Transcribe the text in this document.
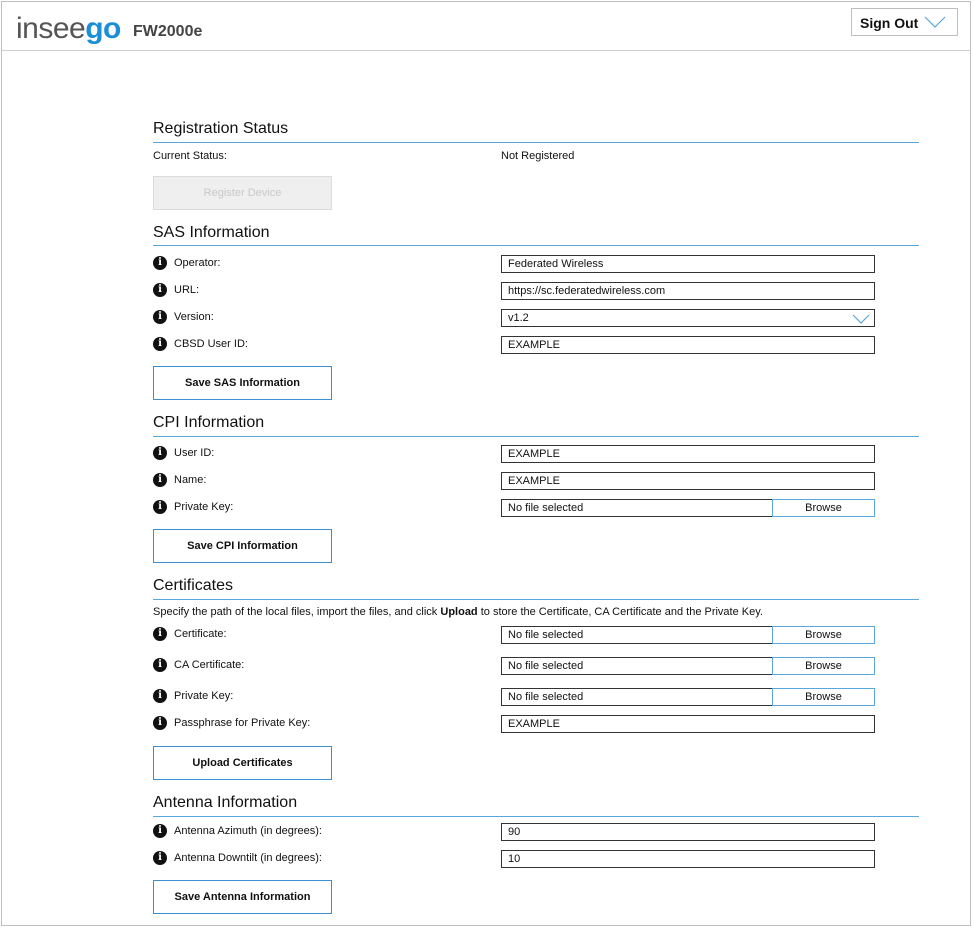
inseego FW2000e	Sign Out
Registration Status
Current Status:	Not Registered
Register Device
SAS Information
i Operator:	Federated Wireless
i URL:	https://sc.federatedwireless.com
i Version:	v1.2
i CBSD User ID:	EXAMPLE
Save SAS Information
CPI Information
i User ID:	EXAMPLE
i Name:	EXAMPLE
i Private Key:	No file selected	Browse
Save CPI Information
Certificates
Specify the path of the local files, import the files, and click Upload to store the Certificate, CA Certificate and the Private Key.
i Certificate:	No file selected	Browse
i CA Certificate:	No file selected	Browse
i Private Key:	No file selected	Browse
i Passphrase for Private Key:	EXAMPLE
Upload Certificates
Antenna Information
i Antenna Azimuth (in degrees):	90
i Antenna Downtilt (in degrees):	10
Save Antenna Information
